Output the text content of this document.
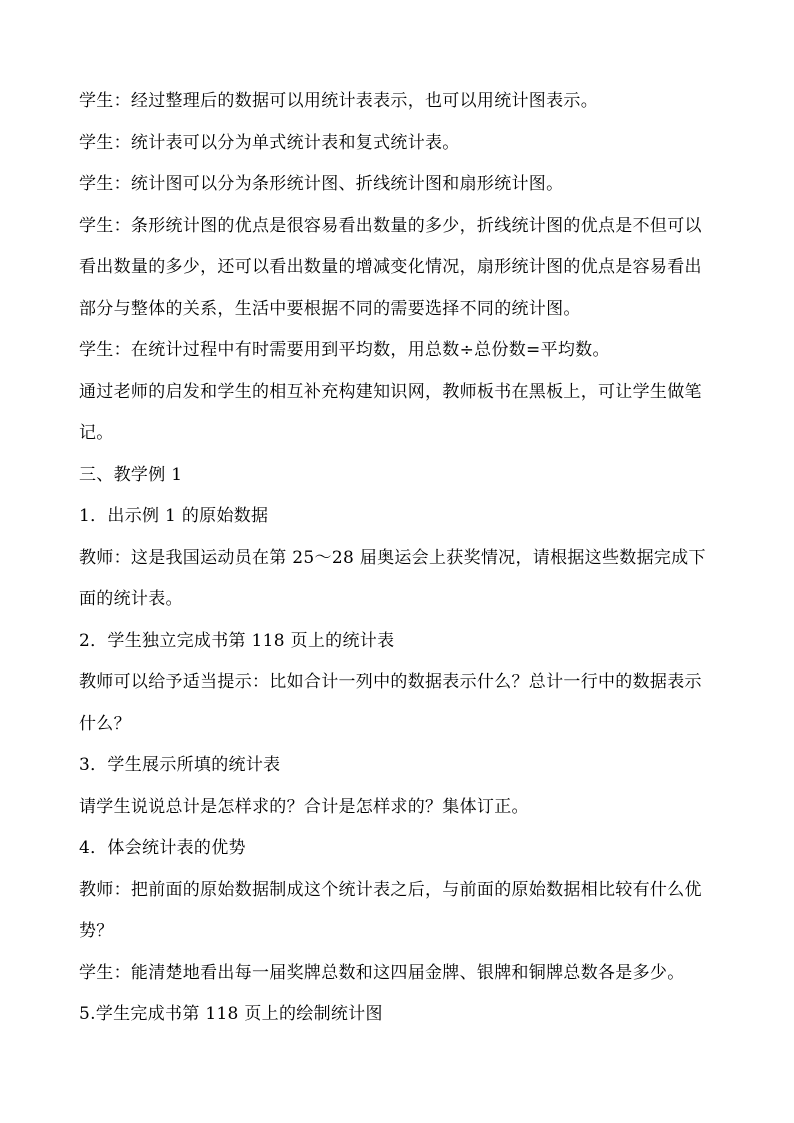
学生：经过整理后的数据可以用统计表表示，也可以用统计图表示。

学生：统计表可以分为单式统计表和复式统计表。

学生：统计图可以分为条形统计图、折线统计图和扇形统计图。

学生：条形统计图的优点是很容易看出数量的多少，折线统计图的优点是不但可以看出数量的多少，还可以看出数量的增减变化情况，扇形统计图的优点是容易看出部分与整体的关系，生活中要根据不同的需要选择不同的统计图。

学生：在统计过程中有时需要用到平均数，用总数÷总份数=平均数。

通过老师的启发和学生的相互补充构建知识网，教师板书在黑板上，可让学生做笔记。

三、教学例 1

1．出示例 1 的原始数据

教师：这是我国运动员在第 25～28 届奥运会上获奖情况，请根据这些数据完成下面的统计表。

2．学生独立完成书第 118 页上的统计表

教师可以给予适当提示：比如合计一列中的数据表示什么？总计一行中的数据表示什么？

3．学生展示所填的统计表

请学生说说总计是怎样求的？合计是怎样求的？集体订正。

4．体会统计表的优势

教师：把前面的原始数据制成这个统计表之后，与前面的原始数据相比较有什么优势？

学生：能清楚地看出每一届奖牌总数和这四届金牌、银牌和铜牌总数各是多少。

5.学生完成书第 118 页上的绘制统计图
